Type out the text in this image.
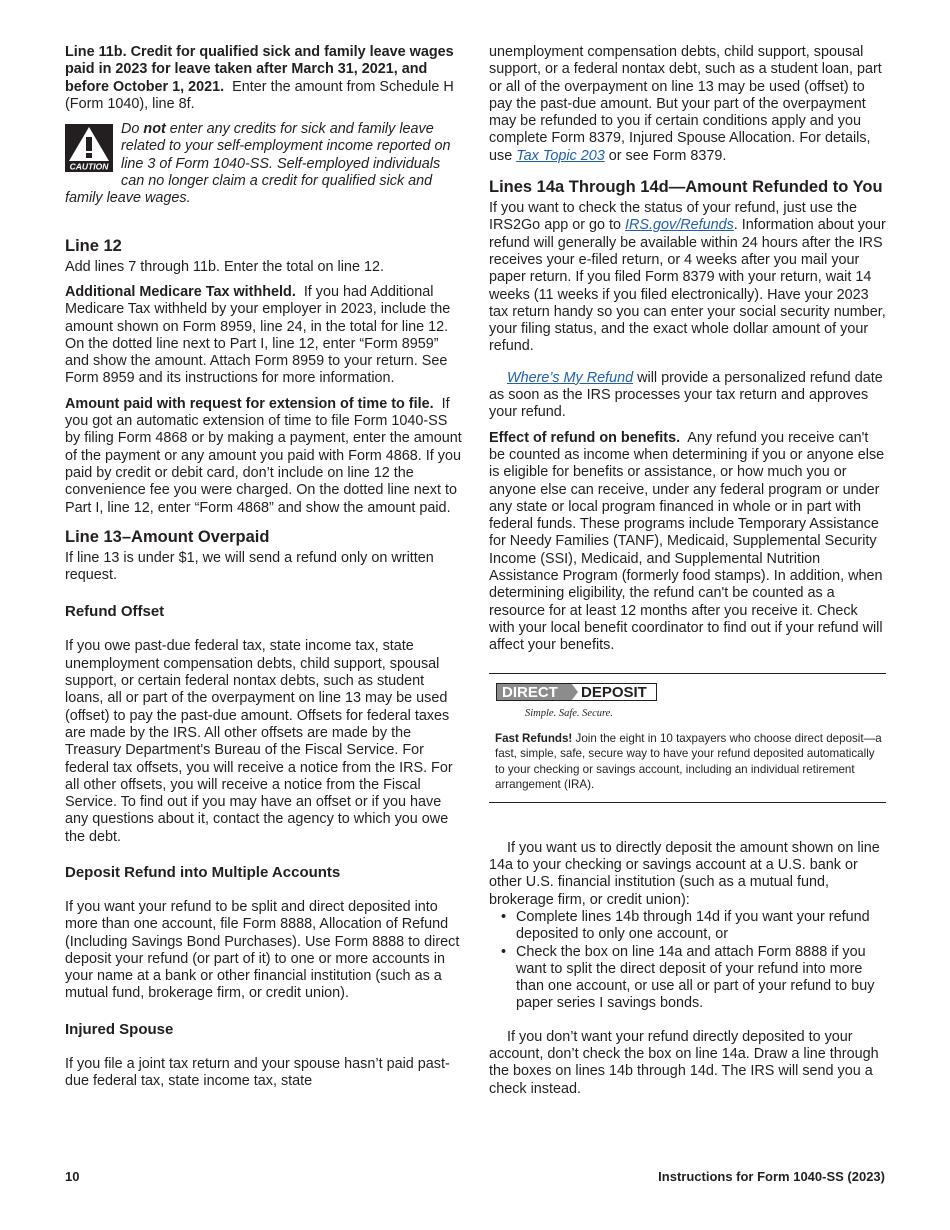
Line 11b. Credit for qualified sick and family leave wages paid in 2023 for leave taken after March 31, 2021, and before October 1, 2021. Enter the amount from Schedule H (Form 1040), line 8f.

CAUTION
Do not enter any credits for sick and family leave related to your self-employment income reported on line 3 of Form 1040-SS. Self-employed individuals can no longer claim a credit for qualified sick and family leave wages.
Line 12

Add lines 7 through 11b. Enter the total on line 12.

Additional Medicare Tax withheld. If you had Additional Medicare Tax withheld by your employer in 2023, include the amount shown on Form 8959, line 24, in the total for line 12. On the dotted line next to Part I, line 12, enter “Form 8959” and show the amount. Attach Form 8959 to your return. See Form 8959 and its instructions for more information.

Amount paid with request for extension of time to file. If you got an automatic extension of time to file Form 1040-SS by filing Form 4868 or by making a payment, enter the amount of the payment or any amount you paid with Form 4868. If you paid by credit or debit card, don’t include on line 12 the convenience fee you were charged. On the dotted line next to Part I, line 12, enter “Form 4868” and show the amount paid.

Line 13–Amount Overpaid

If line 13 is under $1, we will send a refund only on written request.

Refund Offset

If you owe past-due federal tax, state income tax, state unemployment compensation debts, child support, spousal support, or certain federal nontax debts, such as student loans, all or part of the overpayment on line 13 may be used (offset) to pay the past-due amount. Offsets for federal taxes are made by the IRS. All other offsets are made by the Treasury Department's Bureau of the Fiscal Service. For federal tax offsets, you will receive a notice from the IRS. For all other offsets, you will receive a notice from the Fiscal Service. To find out if you may have an offset or if you have any questions about it, contact the agency to which you owe the debt.

Deposit Refund into Multiple Accounts

If you want your refund to be split and direct deposited into more than one account, file Form 8888, Allocation of Refund (Including Savings Bond Purchases). Use Form 8888 to direct deposit your refund (or part of it) to one or more accounts in your name at a bank or other financial institution (such as a mutual fund, brokerage firm, or credit union).

Injured Spouse

If you file a joint tax return and your spouse hasn’t paid past-due federal tax, state income tax, state

unemployment compensation debts, child support, spousal support, or a federal nontax debt, such as a student loan, part or all of the overpayment on line 13 may be used (offset) to pay the past-due amount. But your part of the overpayment may be refunded to you if certain conditions apply and you complete Form 8379, Injured Spouse Allocation. For details, use Tax Topic 203 or see Form 8379.

Lines 14a Through 14d—Amount Refunded to You

If you want to check the status of your refund, just use the IRS2Go app or go to IRS.gov/Refunds. Information about your refund will generally be available within 24 hours after the IRS receives your e-filed return, or 4 weeks after you mail your paper return. If you filed Form 8379 with your return, wait 14 weeks (11 weeks if you filed electronically). Have your 2023 tax return handy so you can enter your social security number, your filing status, and the exact whole dollar amount of your refund.

Where’s My Refund will provide a personalized refund date as soon as the IRS processes your tax return and approves your refund.

Effect of refund on benefits. Any refund you receive can't be counted as income when determining if you or anyone else is eligible for benefits or assistance, or how much you or anyone else can receive, under any federal program or under any state or local program financed in whole or in part with federal funds. These programs include Temporary Assistance for Needy Families (TANF), Medicaid, Supplemental Security Income (SSI), Medicaid, and Supplemental Nutrition Assistance Program (formerly food stamps). In addition, when determining eligibility, the refund can't be counted as a resource for at least 12 months after you receive it. Check with your local benefit coordinator to find out if your refund will affect your benefits.

DIRECT DEPOSIT
Simple. Safe. Secure.
Fast Refunds! Join the eight in 10 taxpayers who choose direct deposit—a fast, simple, safe, secure way to have your refund deposited automatically to your checking or savings account, including an individual retirement arrangement (IRA).

If you want us to directly deposit the amount shown on line 14a to your checking or savings account at a U.S. bank or other U.S. financial institution (such as a mutual fund, brokerage firm, or credit union):

• Complete lines 14b through 14d if you want your refund deposited to only one account, or
• Check the box on line 14a and attach Form 8888 if you want to split the direct deposit of your refund into more than one account, or use all or part of your refund to buy paper series I savings bonds.

If you don’t want your refund directly deposited to your account, don’t check the box on line 14a. Draw a line through the boxes on lines 14b through 14d. The IRS will send you a check instead.

10	Instructions for Form 1040-SS (2023)
